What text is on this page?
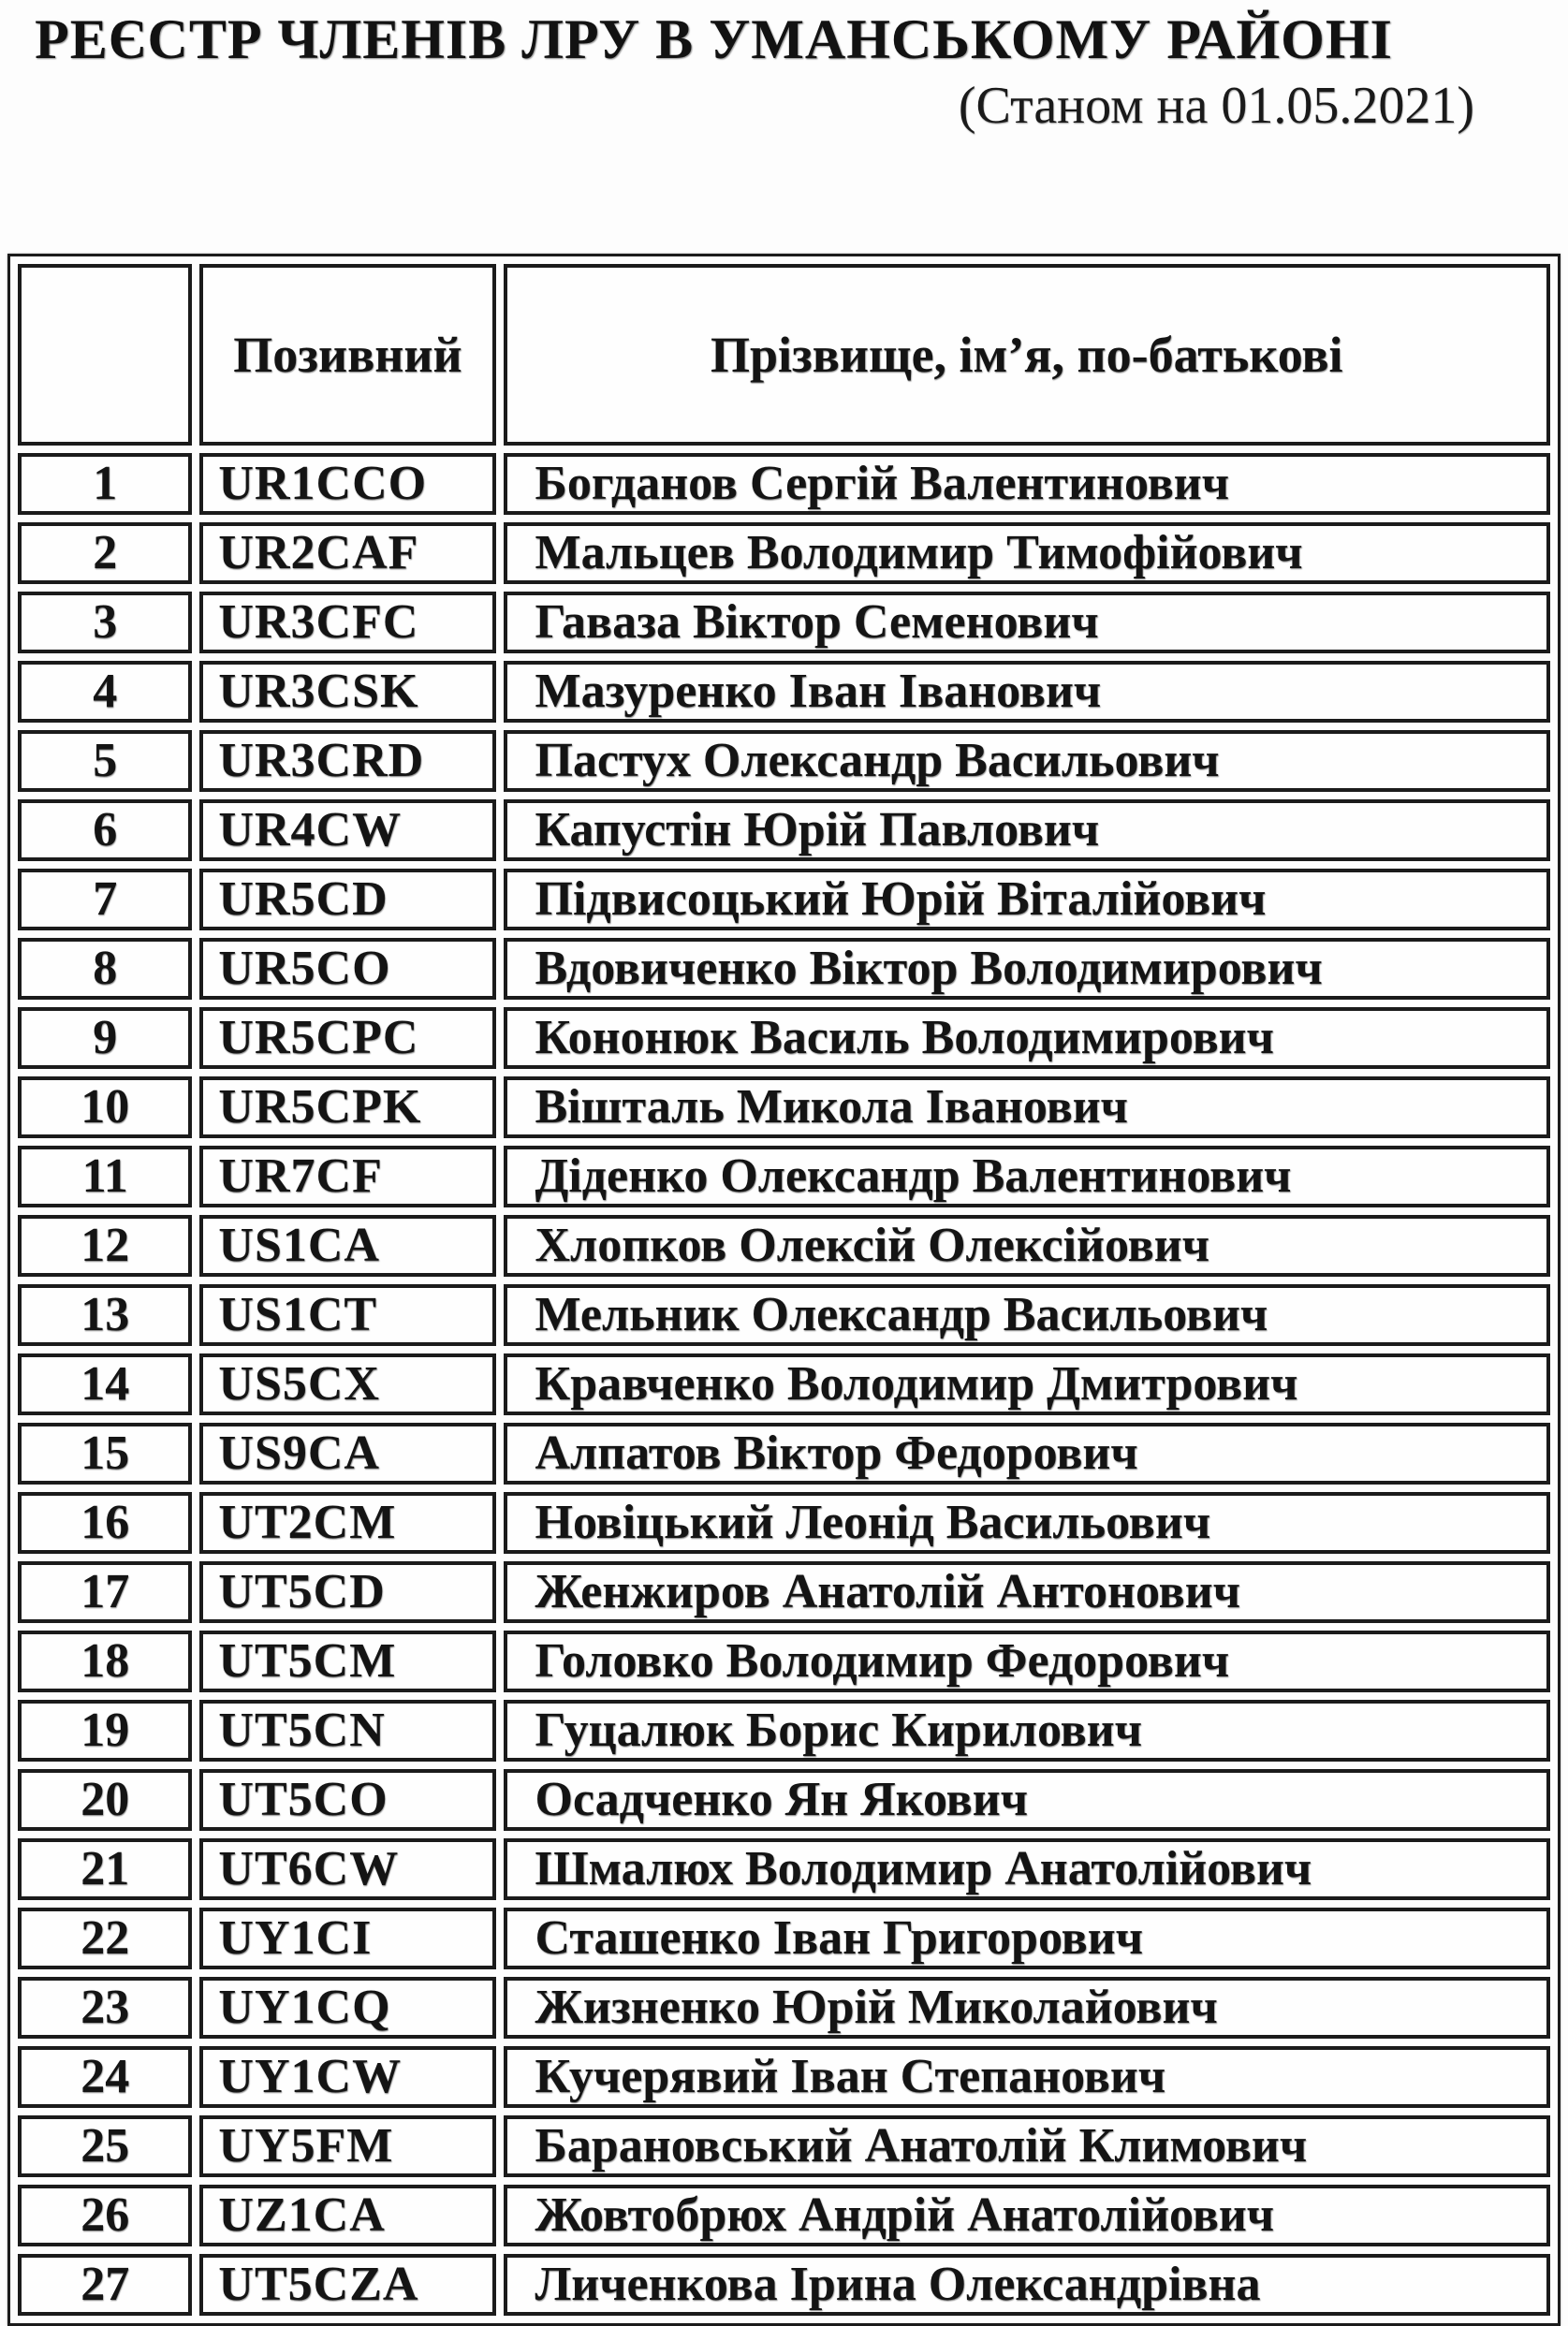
РЕЄСТР ЧЛЕНІВ ЛРУ В УМАНСЬКОМУ РАЙОНІ
(Станом на 01.05.2021)
	Позивний	Прізвище, ім’я, по-батькові
1	UR1CCO	Богданов Сергій Валентинович
2	UR2CAF	Мальцев Володимир Тимофійович
3	UR3CFC	Гаваза Віктор Семенович
4	UR3CSK	Мазуренко Іван Іванович
5	UR3CRD	Пастух Олександр Васильович
6	UR4CW	Капустін Юрій Павлович
7	UR5CD	Підвисоцький Юрій Віталійович
8	UR5CO	Вдовиченко Віктор Володимирович
9	UR5CPC	Кононюк Василь Володимирович
10	UR5CPK	Вішталь Микола Іванович
11	UR7CF	Діденко Олександр Валентинович
12	US1CA	Хлопков Олексій Олексійович
13	US1CT	Мельник Олександр Васильович
14	US5CX	Кравченко Володимир Дмитрович
15	US9CA	Алпатов Віктор Федорович
16	UT2CM	Новіцький Леонід Васильович
17	UT5CD	Женжиров Анатолій Антонович
18	UT5CM	Головко Володимир Федорович
19	UT5CN	Гуцалюк Борис Кирилович
20	UT5CO	Осадченко Ян Якович
21	UT6CW	Шмалюх Володимир Анатолійович
22	UY1CI	Сташенко Іван Григорович
23	UY1CQ	Жизненко Юрій Миколайович
24	UY1CW	Кучерявий Іван Степанович
25	UY5FM	Барановський Анатолій Климович
26	UZ1CA	Жовтобрюх Андрій Анатолійович
27	UT5CZA	Личенкова Ірина Олександрівна
